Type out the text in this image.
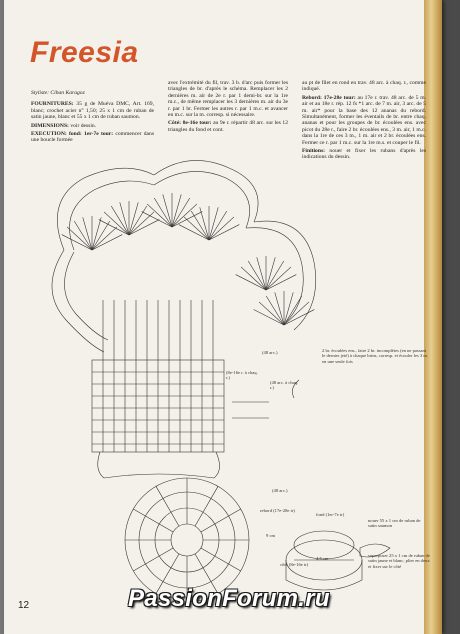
Freesia

Styliste: Cihan Karagoz

FOURNITURES: 35 g de Muéva DMC, Art. 169, blanc; crochet acier n° 1,50; 25 x 1 cm de ruban de satin jaune, blanc et 55 x 1 cm de ruban saumon.

DIMENSIONS: voir dessin.

EXECUTION: fond: 1er-7e tour: commencer dans une boucle formée

avec l'extrémité du fil, trav. 3 b. d'arc puis former les triangles de br. d'après le schéma. Remplacer les 2 dernières m. air de 2e r. par 1 demi-br. sur la 1re m.c., de même remplacer les 3 dernières m. air du 3e r. par 1 br. Fermer les autres r. par 1 m.c. et avancer en m.c. sur la m. corresp. si nécessaire.

Côté: 8e-16e tour: au 9e r. répartir 48 arc. sur les 12 triangles du fond et cont.

au pt de filet en rond en trav. 48 arc. à chaq. r., comme indiqué.

Rebord: 17e-28e tour: au 17e r. trav. 48 arc. de 5 m. air et au 18e r. rép. 12 fs *1 arc. de 7 m. air, 3 arc. de 5 m. air* pour la base des 12 ananas du rebord. Simultanément, former les éventails de br. entre chaq. ananas et pour les groupes de br. écoulées ens. avec picot du 28e r., faire 2 br. écoulées ens., 3 m. air, 1 m.c. dans la 1re de ces 3 m., 1 m. air et 2 br. écoulées ens. Fermer ce r. par 1 m.c. sur la 1re m.s. et couper le fil.

Finitions: nouer et fixer les rubans d'après les indications du dessin.

(48 arc.)
(8e-16e r. à chaq. r.)
(48 arc. à chaq. r.)
2 br. écoulées ens., faire 2 br. incomplètes (en ne passant le dernier jeté) à chaque brins, corresp. et écouler les 3 m. en une seule fois
(48 arc.)
rebord (17e-28e tr)
fond (1er-7e tr)
9 cm
4,5 cm
côté (8e-16e tr)
nouer 55 x 1 cm de ruban de satin saumon
superposer 25 x 1 cm de ruban de satin jaune et blanc, plier en deux et fixer sur le côté
12	PassionForum.ru
